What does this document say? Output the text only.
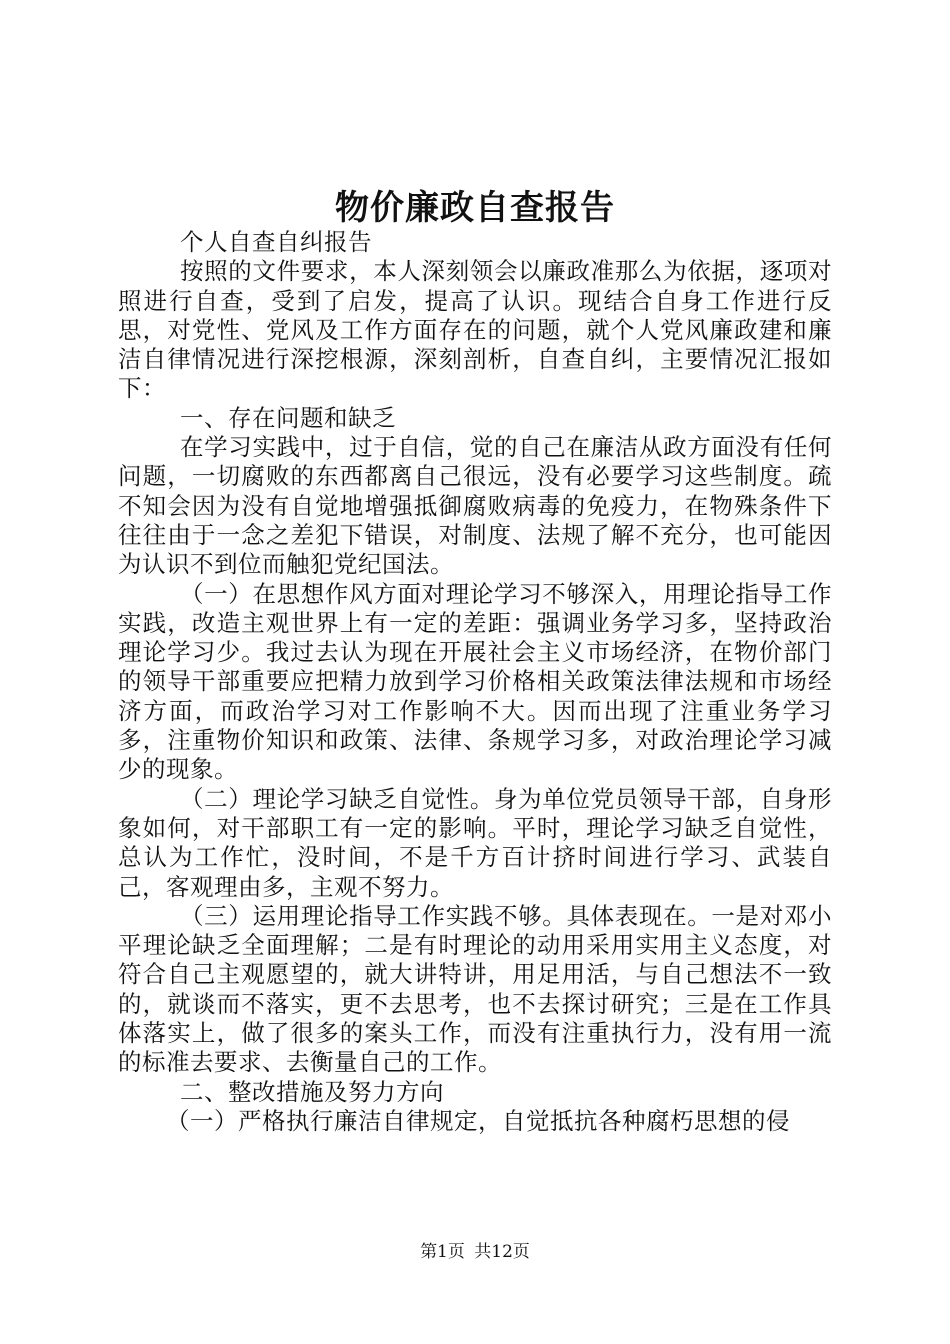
物价廉政自查报告

个人自查自纠报告

按照的文件要求，本人深刻领会以廉政准那么为依据，逐项对照进行自查，受到了启发，提高了认识。现结合自身工作进行反思，对党性、党风及工作方面存在的问题，就个人党风廉政建和廉洁自律情况进行深挖根源，深刻剖析，自查自纠，主要情况汇报如下：

一、存在问题和缺乏

在学习实践中，过于自信，觉的自己在廉洁从政方面没有任何问题，一切腐败的东西都离自己很远，没有必要学习这些制度。疏不知会因为没有自觉地增强抵御腐败病毒的免疫力，在物殊条件下往往由于一念之差犯下错误，对制度、法规了解不充分，也可能因为认识不到位而触犯党纪国法。

（一）在思想作风方面对理论学习不够深入，用理论指导工作实践，改造主观世界上有一定的差距：强调业务学习多，坚持政治理论学习少。我过去认为现在开展社会主义市场经济，在物价部门的领导干部重要应把精力放到学习价格相关政策法律法规和市场经济方面，而政治学习对工作影响不大。因而出现了注重业务学习多，注重物价知识和政策、法律、条规学习多，对政治理论学习减少的现象。

（二）理论学习缺乏自觉性。身为单位党员领导干部，自身形象如何，对干部职工有一定的影响。平时，理论学习缺乏自觉性，总认为工作忙，没时间，不是千方百计挤时间进行学习、武装自己，客观理由多，主观不努力。

（三）运用理论指导工作实践不够。具体表现在。一是对邓小平理论缺乏全面理解；二是有时理论的动用采用实用主义态度，对符合自己主观愿望的，就大讲特讲，用足用活，与自己想法不一致的，就谈而不落实，更不去思考，也不去探讨研究；三是在工作具体落实上，做了很多的案头工作，而没有注重执行力，没有用一流的标准去要求、去衡量自己的工作。

二、整改措施及努力方向

（一）严格执行廉洁自律规定，自觉抵抗各种腐朽思想的侵

第1页 共12页
